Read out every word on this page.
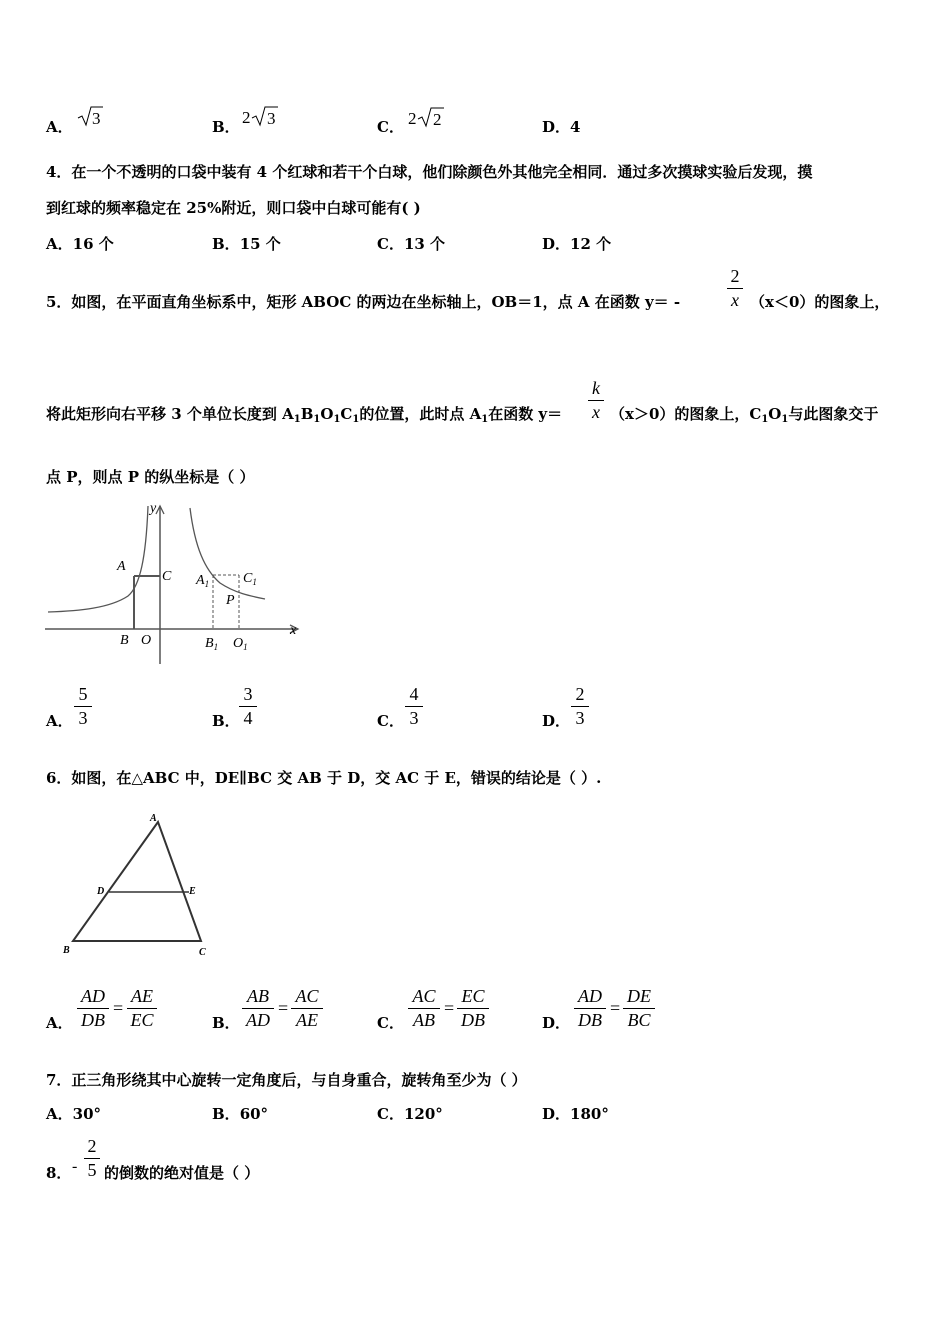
A． 3	B． 2 3	C． 2 2	D．4
4．在一个不透明的口袋中装有 4 个红球和若干个白球，他们除颜色外其他完全相同．通过多次摸球实验后发现，摸
到红球的频率稳定在 25%附近，则口袋中白球可能有( )
A．16 个	B．15 个	C．13 个	D．12 个
5．如图，在平面直角坐标系中，矩形 ABOC 的两边在坐标轴上，OB＝1，点 A 在函数 y＝ -
2
x （x＜0）的图象上，
将此矩形向右平移 3 个单位长度到 $A_1B_1O_1C_1$的位置，此时点 $A_1$在函数 y＝
k
x （x＞0）的图象上，$C_1O_1$与此图象交于
点 P，则点 P 的纵坐标是（ ）
y
x
A
C
B O
$A_1$ $C_1$
P
$B_1$ $O_1$
A．
5
3	B．
3
4	C．
4
3	D．
2
3
6．如图，在△ABC 中，DE∥BC 交 AB 于 D，交 AC 于 E，错误的结论是（ ）.
A
B	C
D	E
A．
AD
DB
=
AE
EC	B．
AB
AD
=
AC
AE	C．
AC
AB
=
EC
DB	D．
AD
DB
=
DE
BC
7．正三角形绕其中心旋转一定角度后，与自身重合，旋转角至少为（ ）
A．30°	B．60°	C．120°	D．180°
8． -
2
5 的倒数的绝对值是（ ）
